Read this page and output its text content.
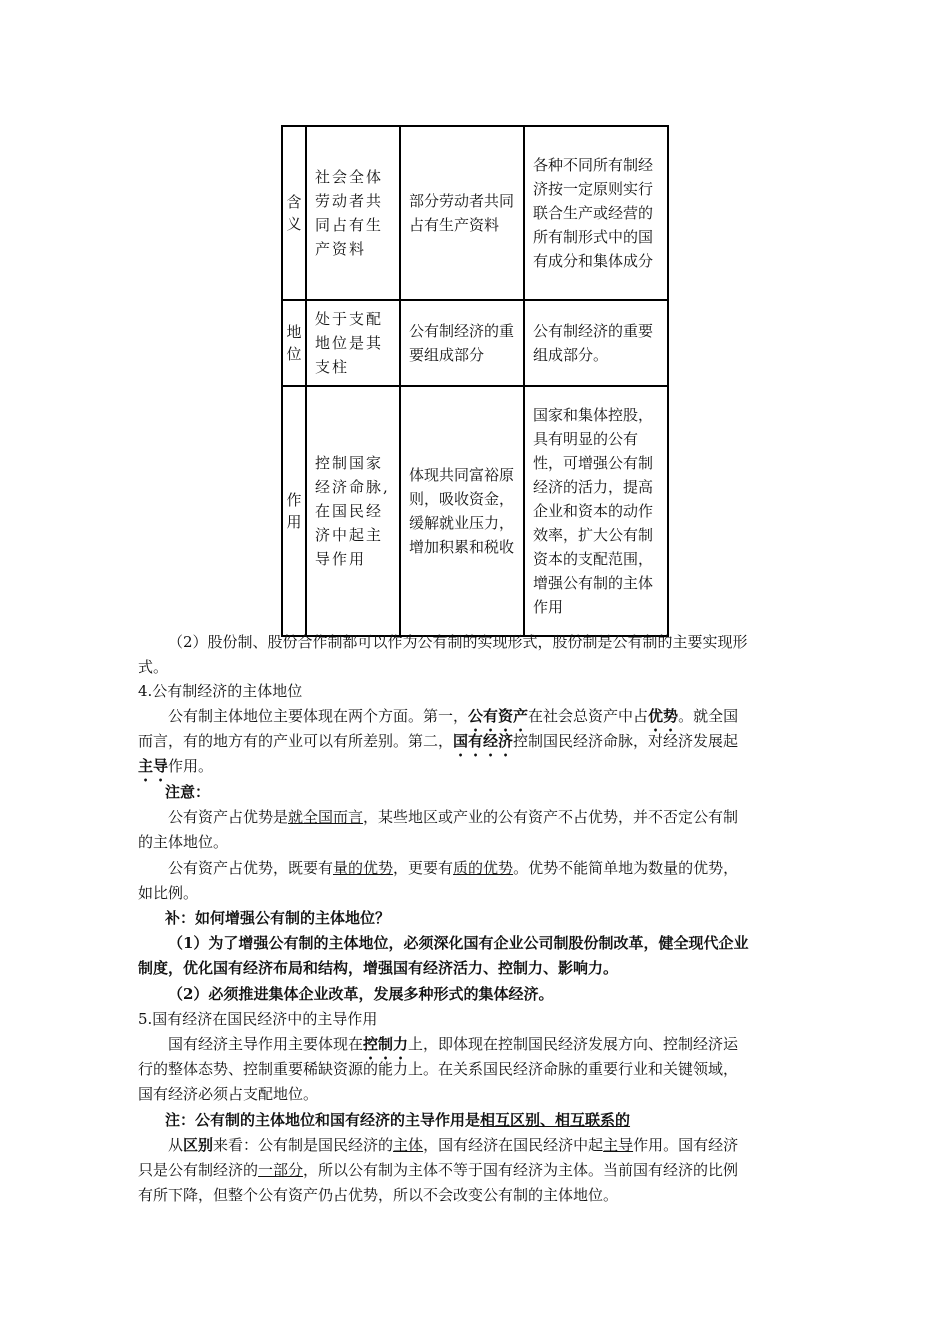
含义	社会全体劳动者共同占有生产资料	部分劳动者共同占有生产资料	各种不同所有制经济按一定原则实行联合生产或经营的所有制形式中的国有成分和集体成分
地位	处于支配地位是其支柱	公有制经济的重要组成部分	公有制经济的重要组成部分。
作用	控制国家经济命脉,在国民经济中起主导作用	体现共同富裕原则，吸收资金，缓解就业压力，增加积累和税收	国家和集体控股，具有明显的公有性，可增强公有制经济的活力，提高企业和资本的动作效率，扩大公有制资本的支配范围，增强公有制的主体作用
（2）股份制、股份合作制都可以作为公有制的实现形式，股份制是公有制的主要实现形
式。
4.公有制经济的主体地位
公有制主体地位主要体现在两个方面。第一，公有资产在社会总资产中占优势。就全国
而言，有的地方有的产业可以有所差别。第二，国有经济控制国民经济命脉，对经济发展起
主导作用。
注意：
公有资产占优势是就全国而言，某些地区或产业的公有资产不占优势，并不否定公有制
的主体地位。
公有资产占优势，既要有量的优势，更要有质的优势。优势不能简单地为数量的优势，
如比例。
补：如何增强公有制的主体地位？
（1）为了增强公有制的主体地位，必须深化国有企业公司制股份制改革，健全现代企业
制度，优化国有经济布局和结构，增强国有经济活力、控制力、影响力。
（2）必须推进集体企业改革，发展多种形式的集体经济。
5.国有经济在国民经济中的主导作用
国有经济主导作用主要体现在控制力上，即体现在控制国民经济发展方向、控制经济运
行的整体态势、控制重要稀缺资源的能力上。在关系国民经济命脉的重要行业和关键领域，
国有经济必须占支配地位。
注：公有制的主体地位和国有经济的主导作用是相互区别、相互联系的
从区别来看：公有制是国民经济的主体，国有经济在国民经济中起主导作用。国有经济
只是公有制经济的一部分，所以公有制为主体不等于国有经济为主体。当前国有经济的比例
有所下降，但整个公有资产仍占优势，所以不会改变公有制的主体地位。
